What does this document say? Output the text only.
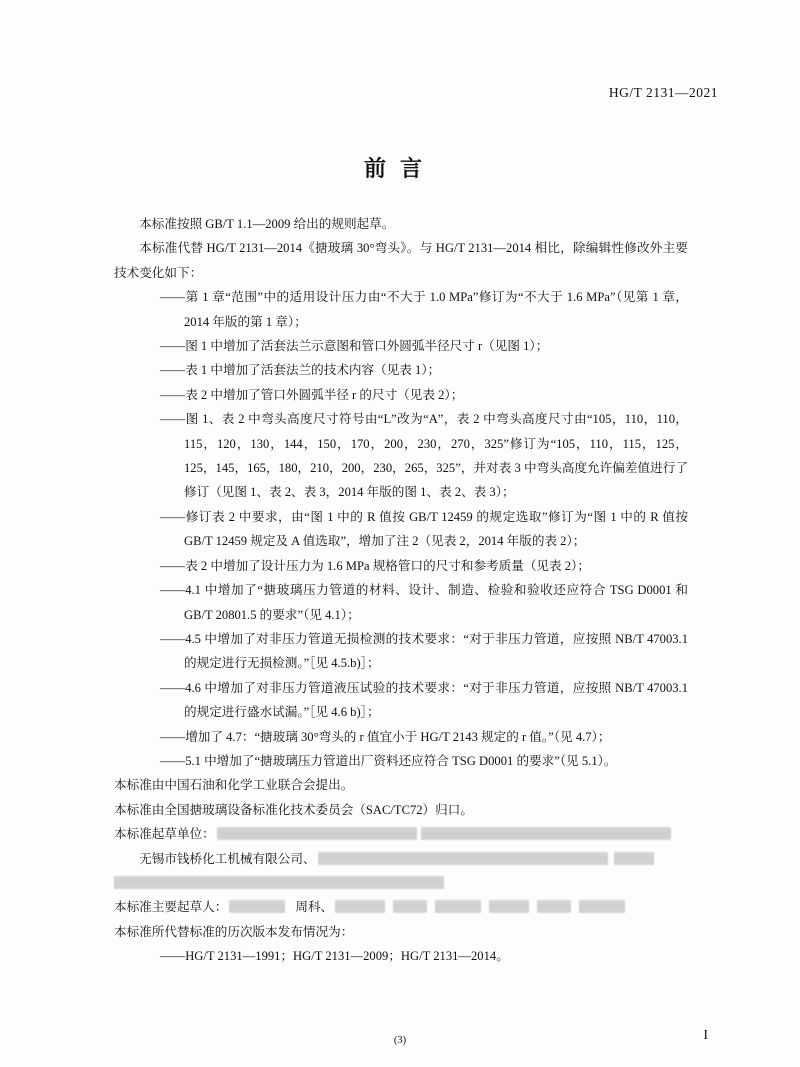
HG/T 2131—2021
前言

本标准按照 GB/T 1.1—2009 给出的规则起草。

本标准代替 HG/T 2131—2014《搪玻璃 30°弯头》。与 HG/T 2131—2014 相比，除编辑性修改外主要技术变化如下：

——第 1 章“范围”中的适用设计压力由“不大于 1.0 MPa”修订为“不大于 1.6 MPa”（见第 1 章，2014 年版的第 1 章）；

——图 1 中增加了活套法兰示意图和管口外圆弧半径尺寸 r（见图 1）；

——表 1 中增加了活套法兰的技术内容（见表 1）；

——表 2 中增加了管口外圆弧半径 r 的尺寸（见表 2）；

——图 1、表 2 中弯头高度尺寸符号由“L”改为“A”，表 2 中弯头高度尺寸由“105，110，110，115，120，130，144，150，170，200，230，270，325”修订为“105，110，115，125，125，145，165，180，210，200，230，265，325”，并对表 3 中弯头高度允许偏差值进行了修订（见图 1、表 2、表 3，2014 年版的图 1、表 2、表 3）；

——修订表 2 中要求，由“图 1 中的 R 值按 GB/T 12459 的规定选取”修订为“图 1 中的 R 值按 GB/T 12459 规定及 A 值选取”，增加了注 2（见表 2，2014 年版的表 2）；

——表 2 中增加了设计压力为 1.6 MPa 规格管口的尺寸和参考质量（见表 2）；

——4.1 中增加了“搪玻璃压力管道的材料、设计、制造、检验和验收还应符合 TSG D0001 和 GB/T 20801.5 的要求”（见 4.1）；

——4.5 中增加了对非压力管道无损检测的技术要求：“对于非压力管道，应按照 NB/T 47003.1 的规定进行无损检测。”［见 4.5.b)］；

——4.6 中增加了对非压力管道液压试验的技术要求：“对于非压力管道，应按照 NB/T 47003.1 的规定进行盛水试漏。”［见 4.6 b)］；

——增加了 4.7：“搪玻璃 30°弯头的 r 值宜小于 HG/T 2143 规定的 r 值。”（见 4.7）；

——5.1 中增加了“搪玻璃压力管道出厂资料还应符合 TSG D0001 的要求”（见 5.1）。

本标准由中国石油和化学工业联合会提出。

本标准由全国搪玻璃设备标准化技术委员会（SAC/TC72）归口。

本标准起草单位：

无锡市钱桥化工机械有限公司、

本标准主要起草人：	周科、

本标准所代替标准的历次版本发布情况为：

——HG/T 2131—1991；HG/T 2131—2009；HG/T 2131—2014。

(3)	I
